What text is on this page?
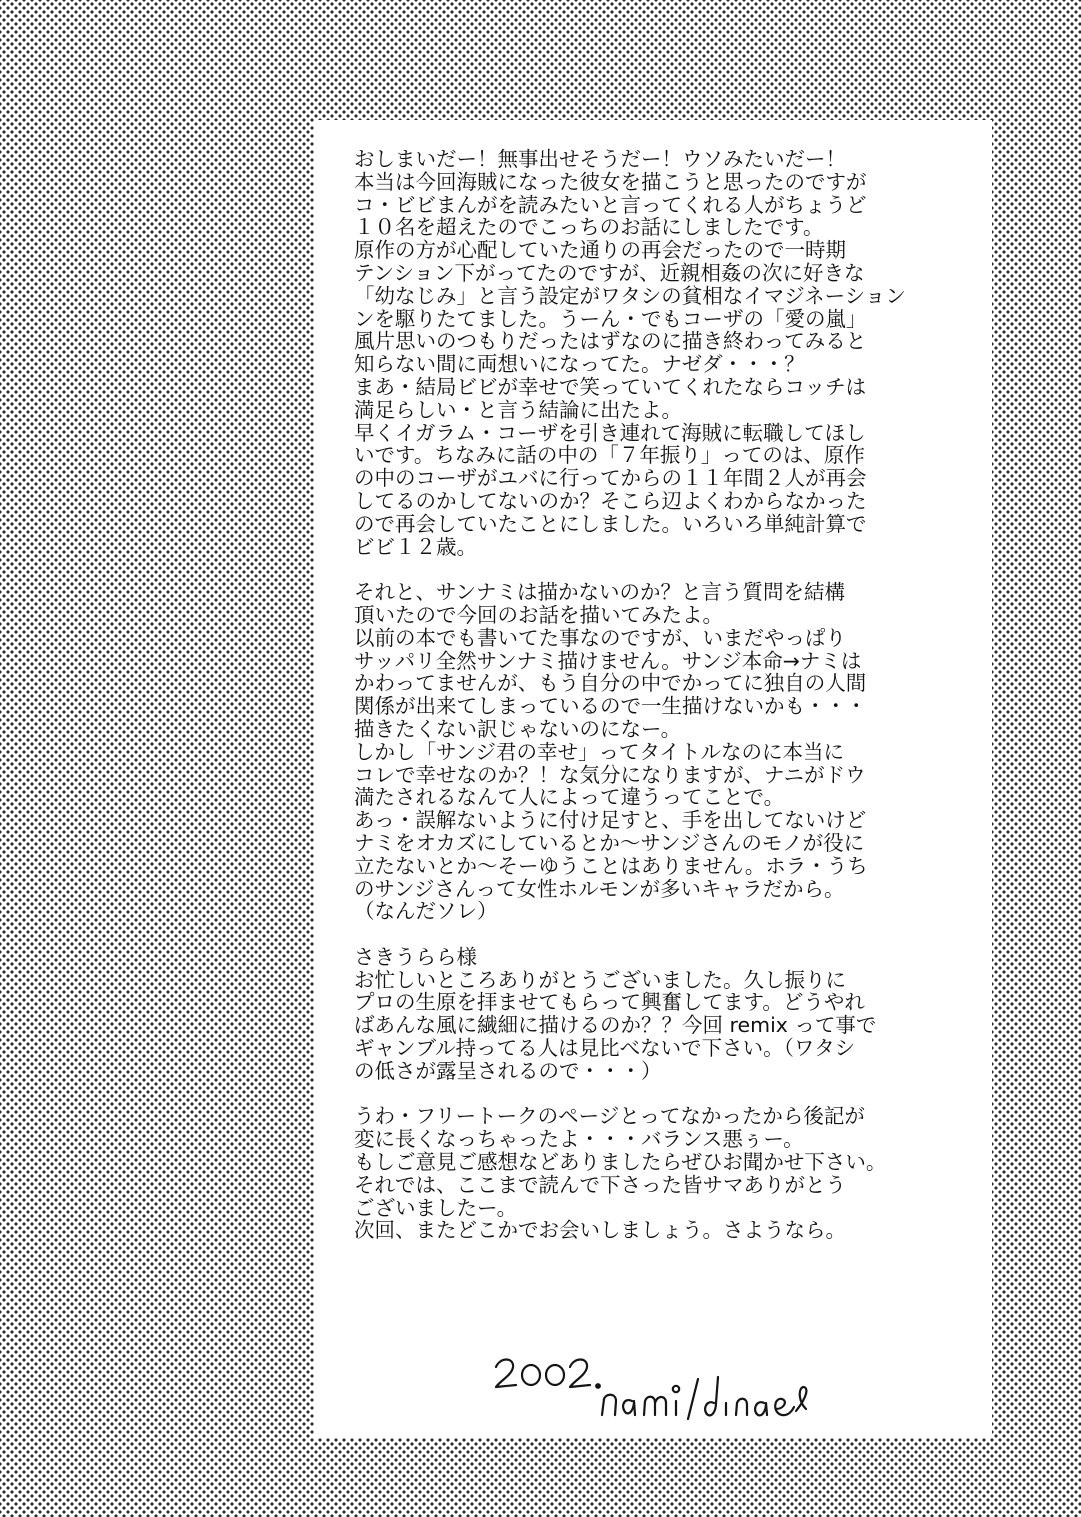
おしまいだー！無事出せそうだー！ウソみたいだー！
本当は今回海賊になった彼女を描こうと思ったのですが
コ・ビビまんがを読みたいと言ってくれる人がちょうど
１０名を超えたのでこっちのお話にしましたです。
原作の方が心配していた通りの再会だったので一時期
テンション下がってたのですが、近親相姦の次に好きな
「幼なじみ」と言う設定がワタシの貧相なイマジネーション
ンを駆りたてました。うーん・でもコーザの「愛の嵐」
風片思いのつもりだったはずなのに描き終わってみると
知らない間に両想いになってた。ナゼダ・・・？
まあ・結局ビビが幸せで笑っていてくれたならコッチは
満足らしい・と言う結論に出たよ。
早くイガラム・コーザを引き連れて海賊に転職してほし
いです。ちなみに話の中の「７年振り」ってのは、原作
の中のコーザがユバに行ってからの１１年間２人が再会
してるのかしてないのか？そこら辺よくわからなかった
ので再会していたことにしました。いろいろ単純計算で
ビビ１２歳。
それと、サンナミは描かないのか？と言う質問を結構
頂いたので今回のお話を描いてみたよ。
以前の本でも書いてた事なのですが、いまだやっぱり
サッパリ全然サンナミ描けません。サンジ本命→ナミは
かわってませんが、もう自分の中でかってに独自の人間
関係が出来てしまっているので一生描けないかも・・・
描きたくない訳じゃないのになー。
しかし「サンジ君の幸せ」ってタイトルなのに本当に
コレで幸せなのか？！な気分になりますが、ナニがドウ
満たされるなんて人によって違うってことで。
あっ・誤解ないように付け足すと、手を出してないけど
ナミをオカズにしているとか〜サンジさんのモノが役に
立たないとか〜そーゆうことはありません。ホラ・うち
のサンジさんって女性ホルモンが多いキャラだから。
（なんだソレ）
さきうらら様
お忙しいところありがとうございました。久し振りに
プロの生原を拝ませてもらって興奮してます。どうやれ
ばあんな風に繊細に描けるのか？？今回 remix って事で
ギャンブル持ってる人は見比べないで下さい。（ワタシ
の低さが露呈されるので・・・）
うわ・フリートークのページとってなかったから後記が
変に長くなっちゃったよ・・・バランス悪ぅー。
もしご意見ご感想などありましたらぜひお聞かせ下さい。
それでは、ここまで読んで下さった皆サマありがとう
ございましたー。
次回、またどこかでお会いしましょう。さようなら。
